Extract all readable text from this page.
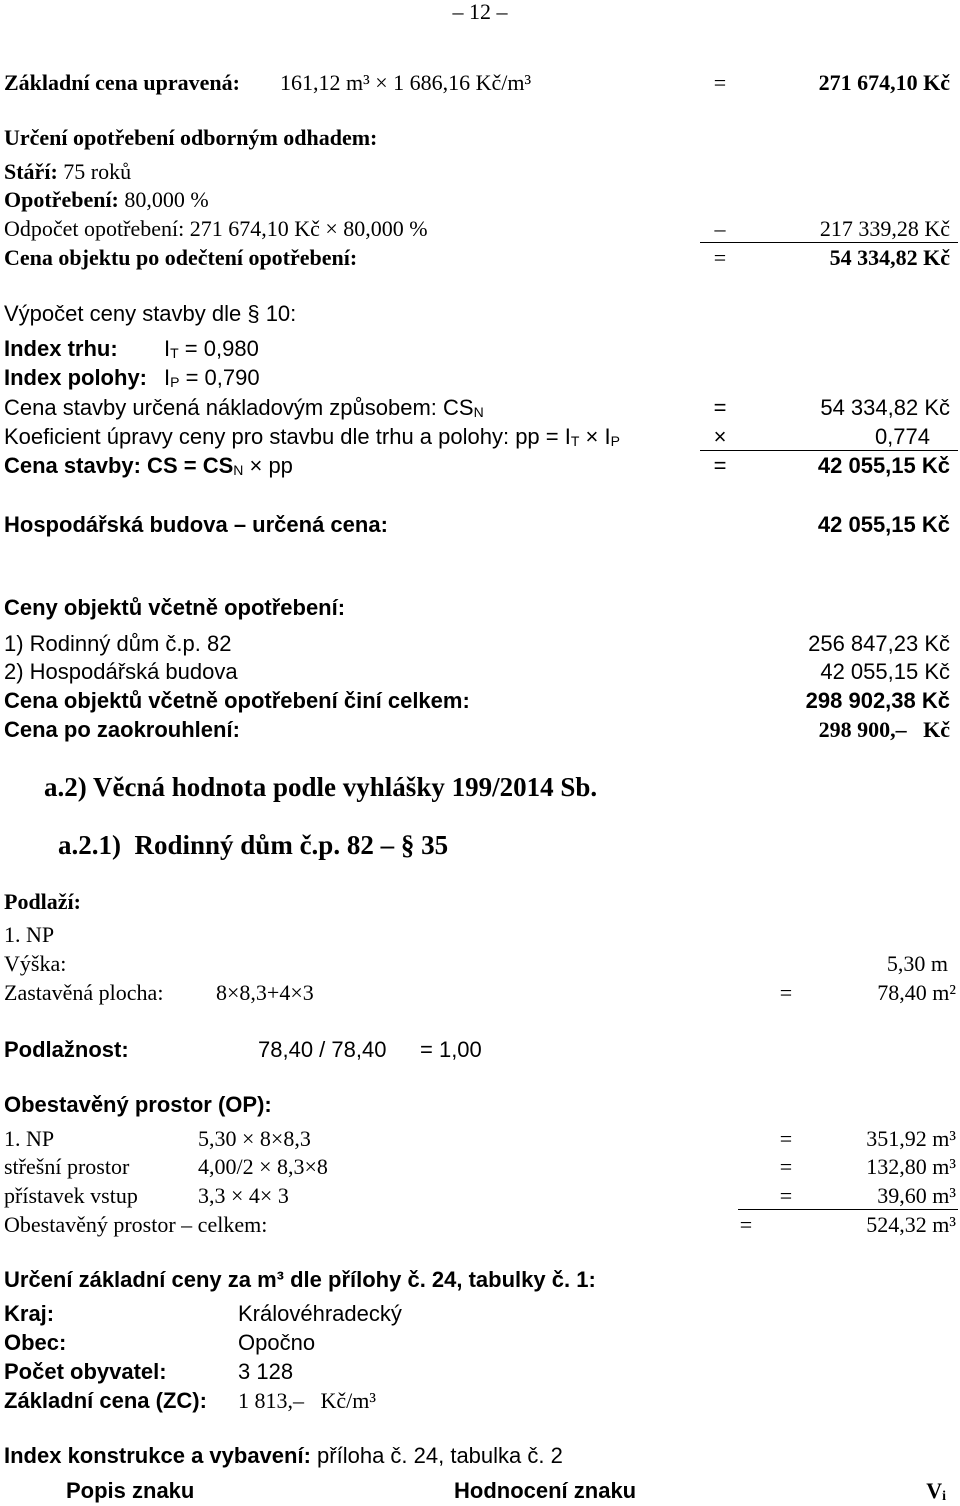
– 12 –
Základní cena upravená: 161,12 m³ × 1 686,16 Kč/m³	=	271 674,10 Kč
Určení opotřebení odborným odhadem:
Stáří: 75 roků
Opotřebení: 80,000 %
Odpočet opotřebení: 271 674,10 Kč × 80,000 %	–	217 339,28 Kč
Cena objektu po odečtení opotřebení:	=	54 334,82 Kč
Výpočet ceny stavby dle § 10:
Index trhu: $I_T = 0,980$
Index polohy: $I_P = 0,790$
Cena stavby určená nákladovým způsobem: $CS_N$	=	54 334,82 Kč
Koeficient úpravy ceny pro stavbu dle trhu a polohy: pp = $I_T \times I_P$	×	0,774
Cena stavby: CS = $CS_N$ × pp	=	42 055,15 Kč
Hospodářská budova – určená cena:	42 055,15 Kč
Ceny objektů včetně opotřebení:
1) Rodinný dům č.p. 82	256 847,23 Kč
2) Hospodářská budova	42 055,15 Kč
Cena objektů včetně opotřebení činí celkem:	298 902,38 Kč
Cena po zaokrouhlení:	298 900,–   Kč
a.2) Věcná hodnota podle vyhlášky 199/2014 Sb.
a.2.1)  Rodinný dům č.p. 82 – § 35
Podlaží:
1. NP
Výška:	5,30 m
Zastavěná plocha: 8×8,3+4×3	=	78,40 m²
Podlažnost:	78,40 / 78,40 = 1,00
Obestavěný prostor (OP):
1. NP	5,30 × 8×8,3	=	351,92 m³
střešní prostor	4,00/2 × 8,3×8	=	132,80 m³
přístavek vstup	3,3 × 4× 3	=	39,60 m³
Obestavěný prostor – celkem:	=	524,32 m³
Určení základní ceny za m³ dle přílohy č. 24, tabulky č. 1:
Kraj:	Královéhradecký
Obec:	Opočno
Počet obyvatel:	3 128
Základní cena (ZC): 1 813,–   Kč/m³
Index konstrukce a vybavení: příloha č. 24, tabulka č. 2
Popis znaku	Hodnocení znaku	$V_i$
